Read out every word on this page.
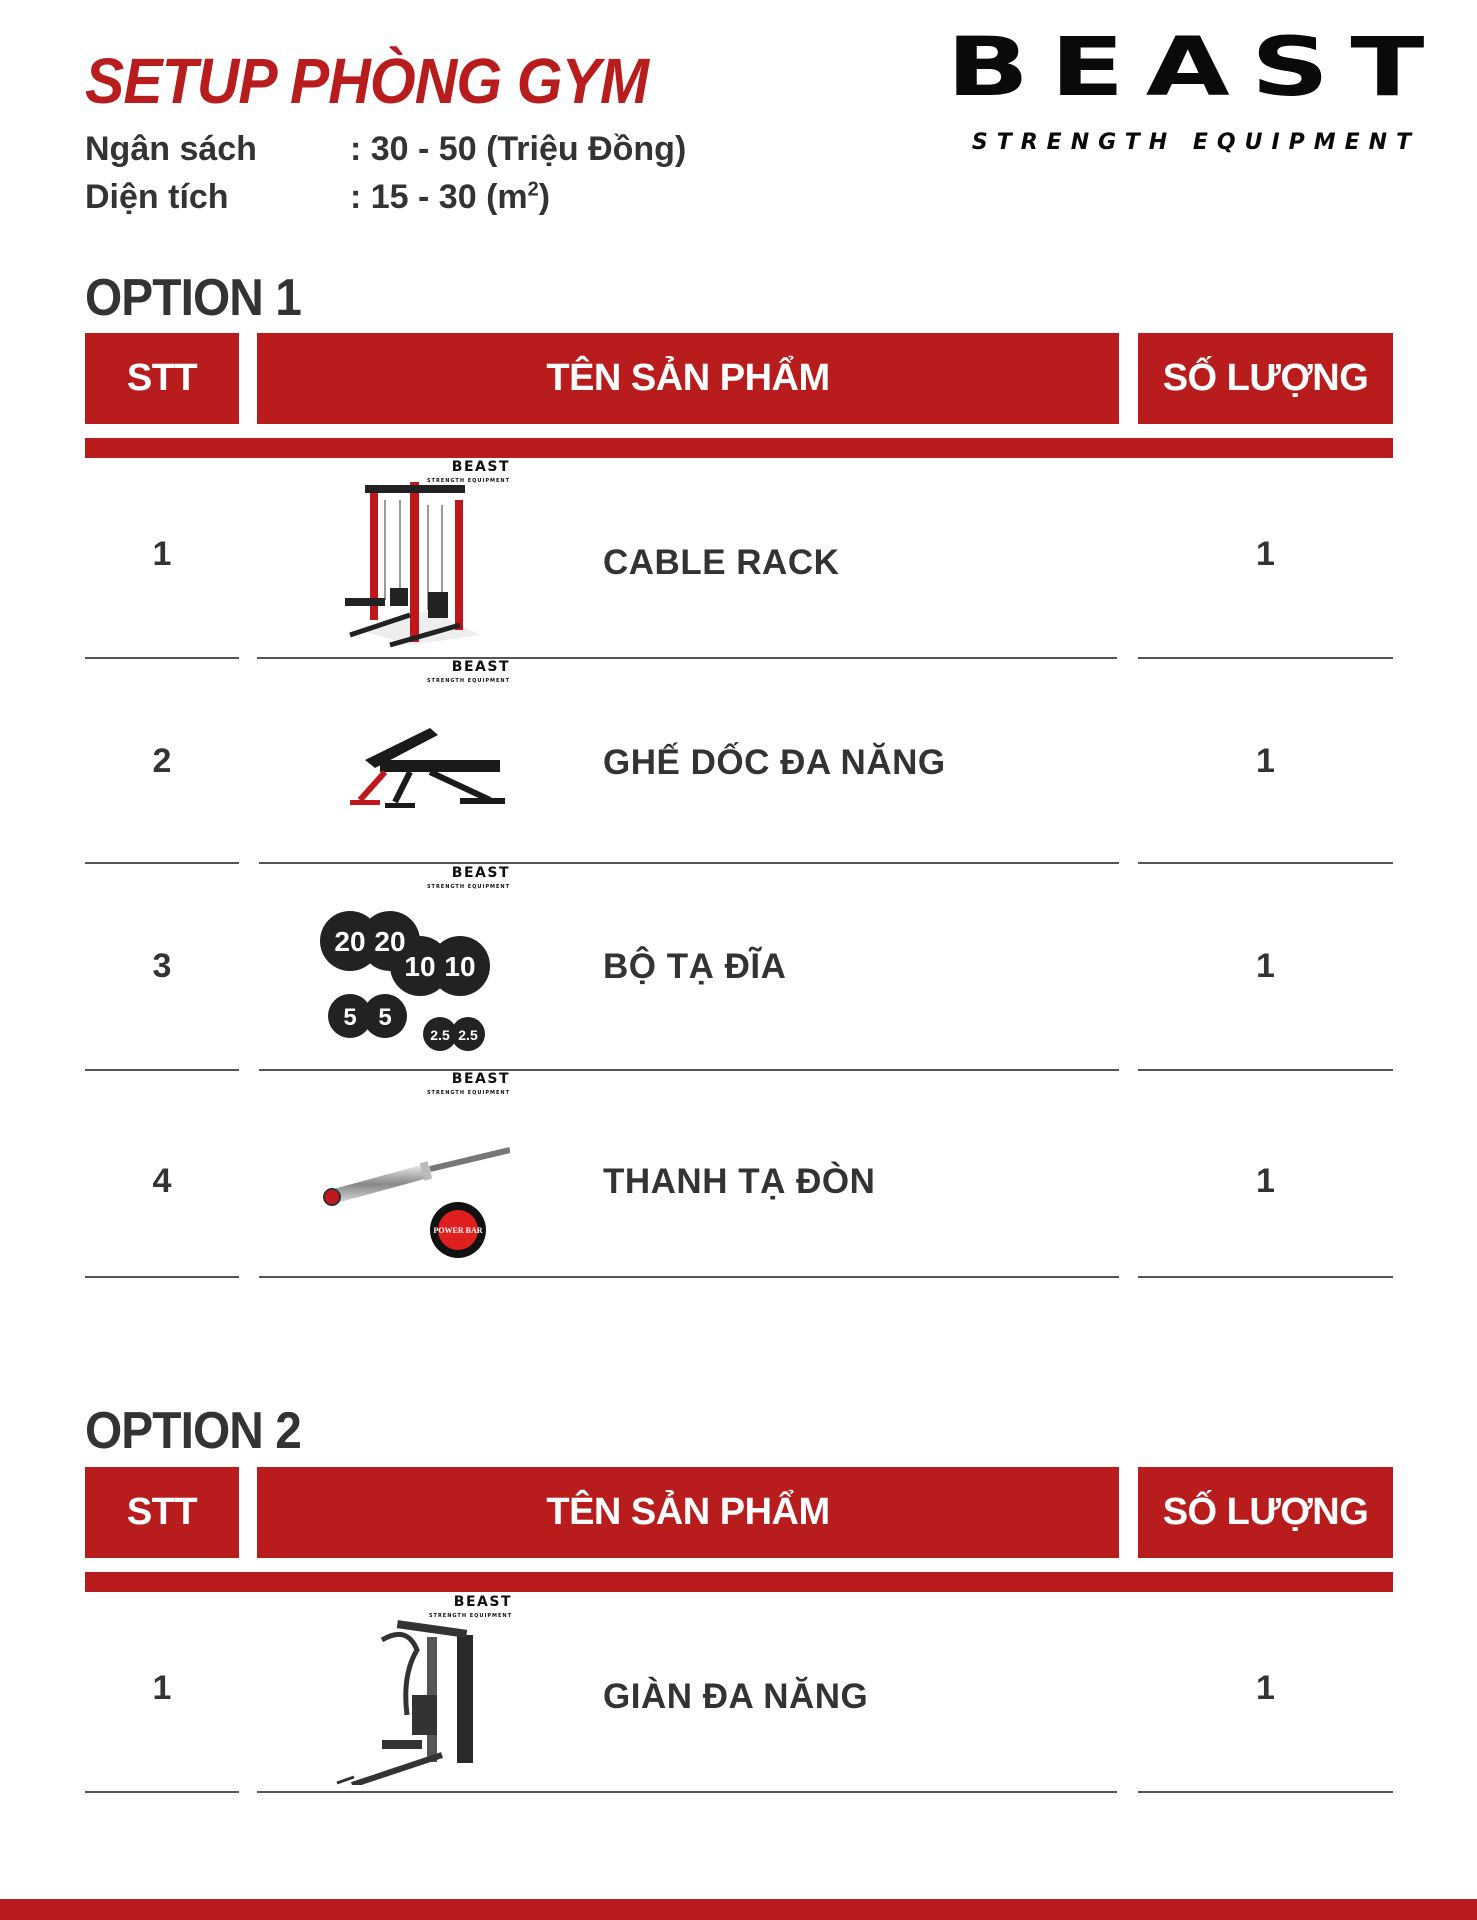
SETUP PHÒNG GYM
Ngân sách	: 30 - 50 (Triệu Đồng)
Diện tích	: 15 - 30 $(m^2)$
BEAST
STRENGTH EQUIPMENT
OPTION 1
STT	TÊN SẢN PHẨM	SỐ LƯỢNG
1
BEAST
STRENGTH EQUIPMENT
CABLE RACK	1
2
BEAST
STRENGTH EQUIPMENT
GHẾ DỐC ĐA NĂNG	1
3
BEAST
STRENGTH EQUIPMENT
20 20
10 10
5 5
2.5 2.5
BỘ TẠ ĐĨA	1
4
BEAST
STRENGTH EQUIPMENT
POWER BAR
THANH TẠ ĐÒN	1
OPTION 2
STT	TÊN SẢN PHẨM	SỐ LƯỢNG
1
BEAST
STRENGTH EQUIPMENT
GIÀN ĐA NĂNG	1
